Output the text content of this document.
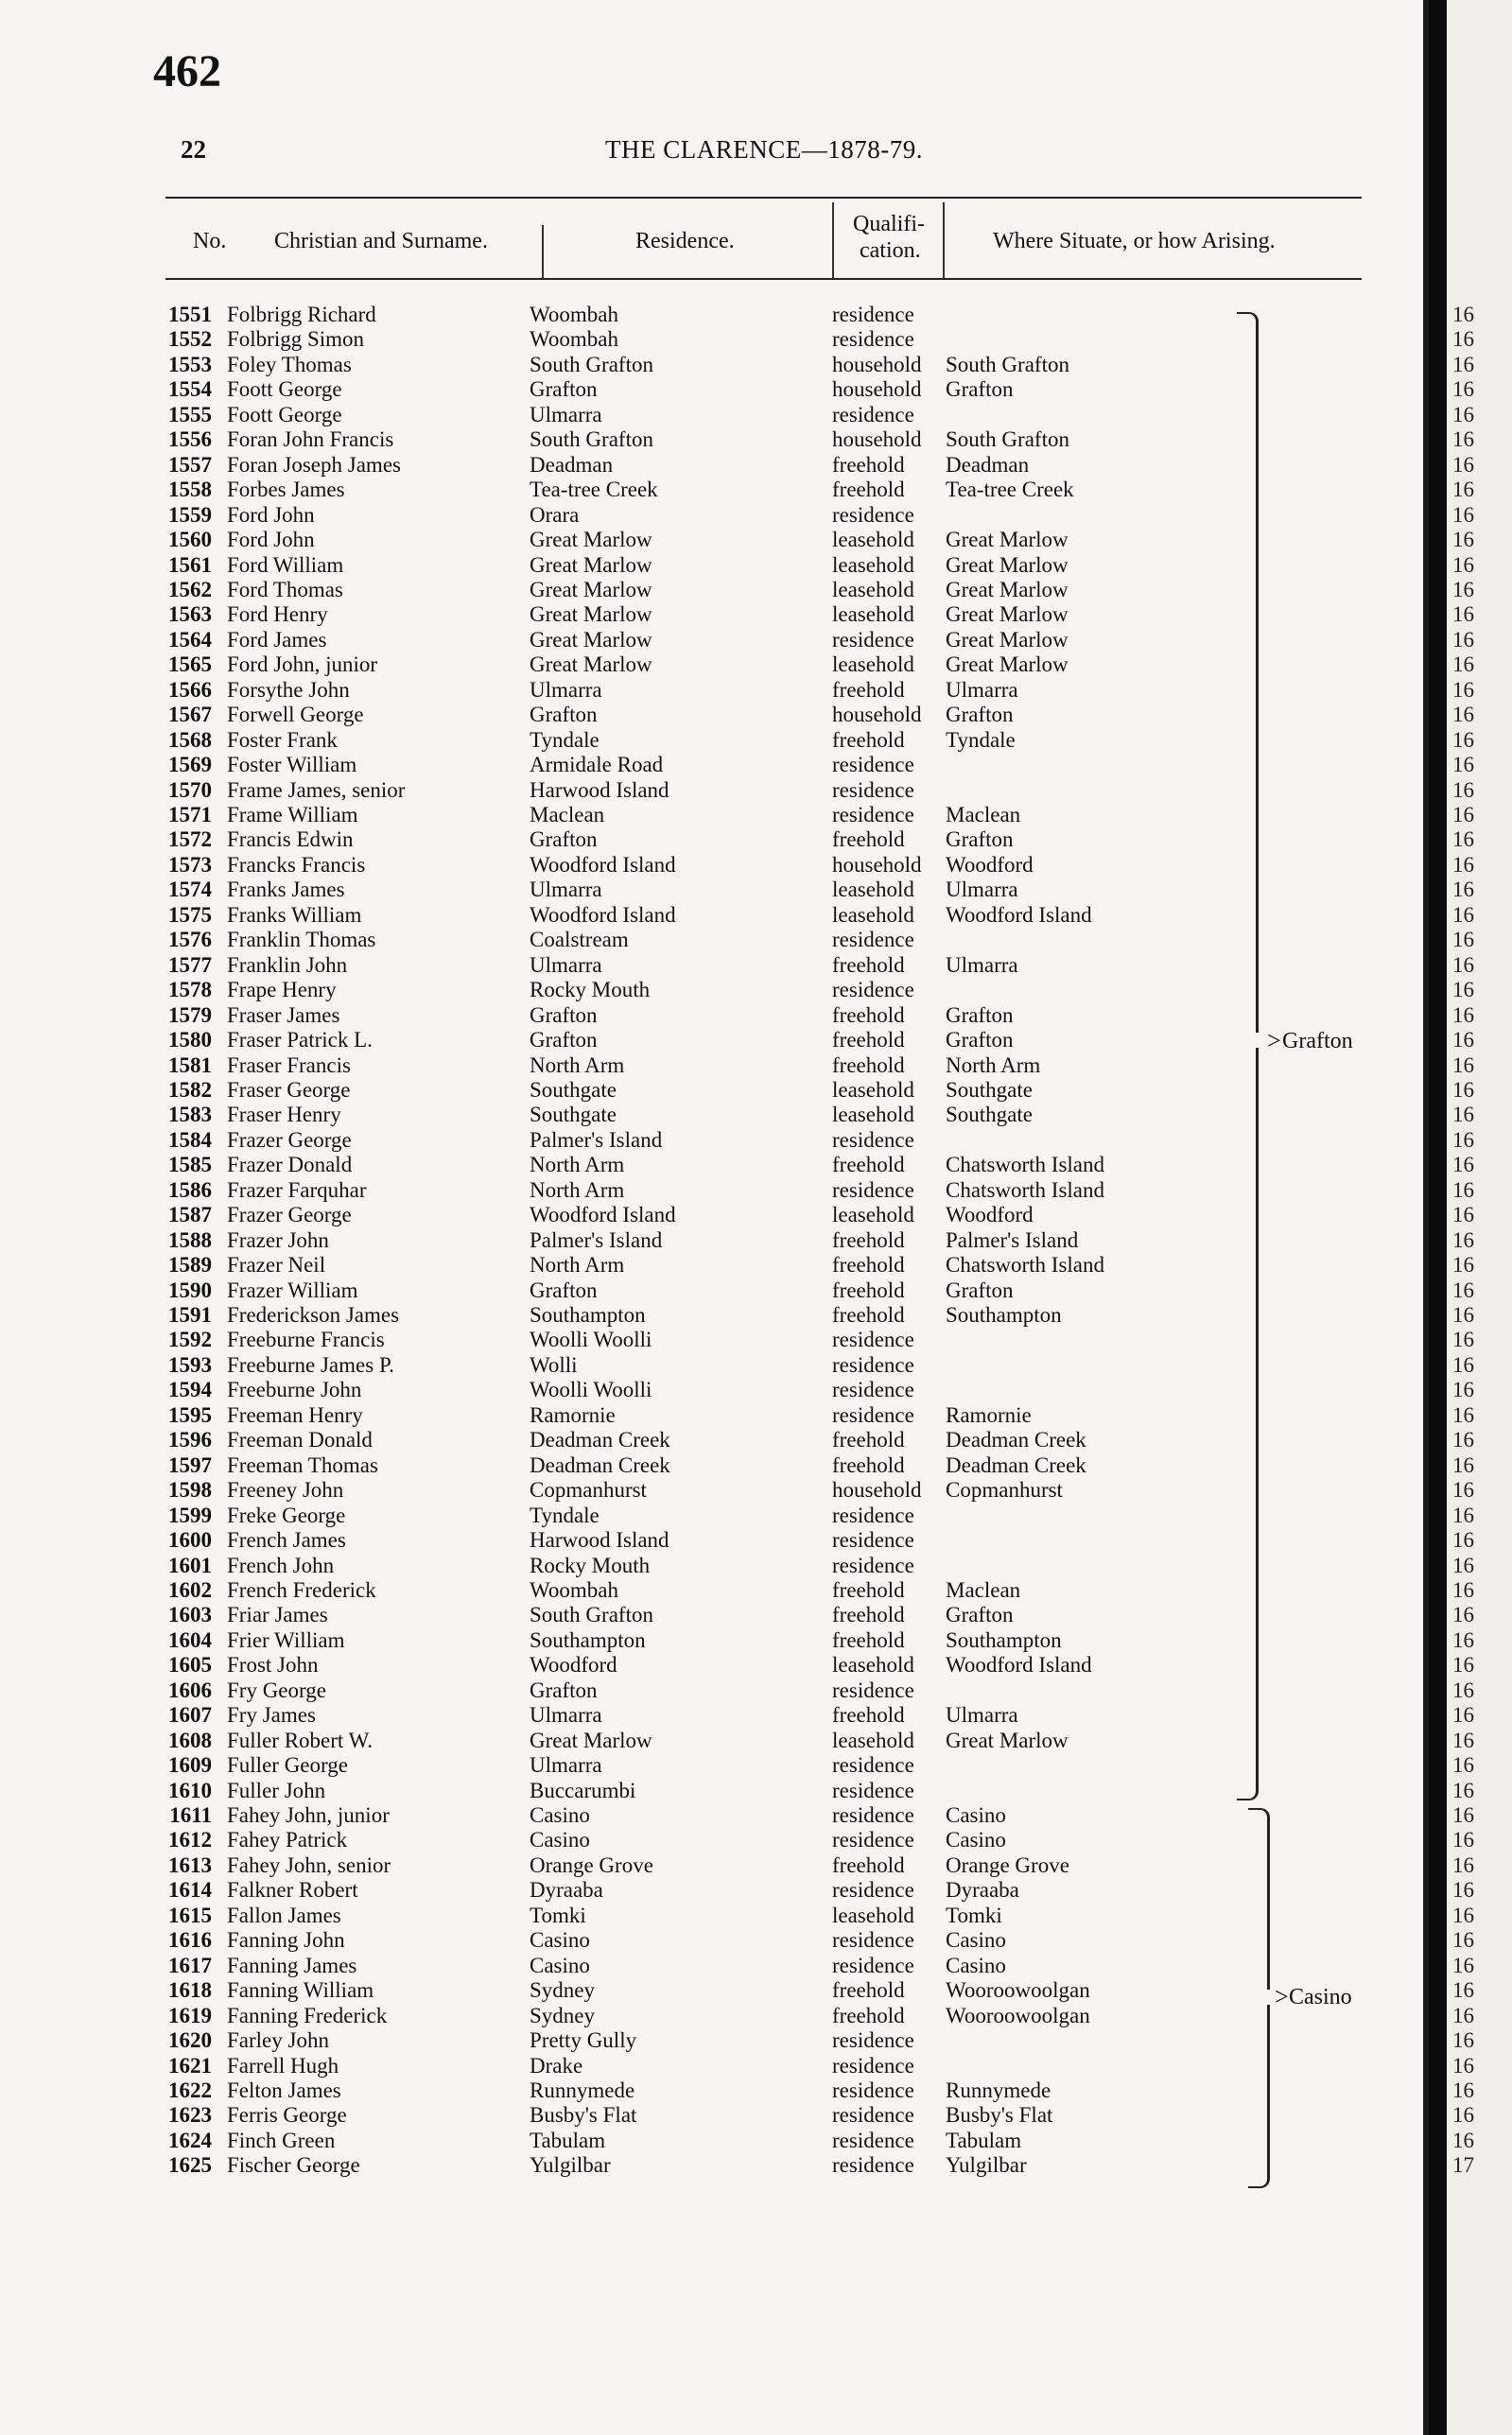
462
22	THE CLARENCE—1878-79.
No. Christian and Surname.	Residence.
Qualifi-
cation.	Where Situate, or how Arising.
1551 Folbrigg Richard	Woombah	residence
1552 Folbrigg Simon	Woombah	residence
1553 Foley Thomas	South Grafton	household South Grafton
1554 Foott George	Grafton	household Grafton
1555 Foott George	Ulmarra	residence
1556 Foran John Francis	South Grafton	household South Grafton
1557 Foran Joseph James	Deadman	freehold Deadman
1558 Forbes James	Tea-tree Creek	freehold Tea-tree Creek
1559 Ford John	Orara	residence
1560 Ford John	Great Marlow	leasehold Great Marlow
1561 Ford William	Great Marlow	leasehold Great Marlow
1562 Ford Thomas	Great Marlow	leasehold Great Marlow
1563 Ford Henry	Great Marlow	leasehold Great Marlow
1564 Ford James	Great Marlow	residence Great Marlow
1565 Ford John, junior	Great Marlow	leasehold Great Marlow
1566 Forsythe John	Ulmarra	freehold Ulmarra
1567 Forwell George	Grafton	household Grafton
1568 Foster Frank	Tyndale	freehold Tyndale
1569 Foster William	Armidale Road	residence
1570 Frame James, senior	Harwood Island	residence
1571 Frame William	Maclean	residence Maclean
1572 Francis Edwin	Grafton	freehold Grafton
1573 Francks Francis	Woodford Island	household Woodford
1574 Franks James	Ulmarra	leasehold Ulmarra
1575 Franks William	Woodford Island	leasehold Woodford Island
1576 Franklin Thomas	Coalstream	residence
1577 Franklin John	Ulmarra	freehold Ulmarra
1578 Frape Henry	Rocky Mouth	residence
1579 Fraser James	Grafton	freehold Grafton
1580 Fraser Patrick L.	Grafton	freehold Grafton
1581 Fraser Francis	North Arm	freehold North Arm
1582 Fraser George	Southgate	leasehold Southgate
1583 Fraser Henry	Southgate	leasehold Southgate
1584 Frazer George	Palmer's Island	residence
1585 Frazer Donald	North Arm	freehold Chatsworth Island
1586 Frazer Farquhar	North Arm	residence Chatsworth Island
1587 Frazer George	Woodford Island	leasehold Woodford
1588 Frazer John	Palmer's Island	freehold Palmer's Island
1589 Frazer Neil	North Arm	freehold Chatsworth Island
1590 Frazer William	Grafton	freehold Grafton
1591 Frederickson James	Southampton	freehold Southampton
1592 Freeburne Francis	Woolli Woolli	residence
1593 Freeburne James P.	Wolli	residence
1594 Freeburne John	Woolli Woolli	residence
1595 Freeman Henry	Ramornie	residence Ramornie
1596 Freeman Donald	Deadman Creek	freehold Deadman Creek
1597 Freeman Thomas	Deadman Creek	freehold Deadman Creek
1598 Freeney John	Copmanhurst	household Copmanhurst
1599 Freke George	Tyndale	residence
1600 French James	Harwood Island	residence
1601 French John	Rocky Mouth	residence
1602 French Frederick	Woombah	freehold Maclean
1603 Friar James	South Grafton	freehold Grafton
1604 Frier William	Southampton	freehold Southampton
1605 Frost John	Woodford	leasehold Woodford Island
1606 Fry George	Grafton	residence
1607 Fry James	Ulmarra	freehold Ulmarra
1608 Fuller Robert W.	Great Marlow	leasehold Great Marlow
1609 Fuller George	Ulmarra	residence
1610 Fuller John	Buccarumbi	residence
1611 Fahey John, junior	Casino	residence Casino
1612 Fahey Patrick	Casino	residence Casino
1613 Fahey John, senior	Orange Grove	freehold Orange Grove
1614 Falkner Robert	Dyraaba	residence Dyraaba
1615 Fallon James	Tomki	leasehold Tomki
1616 Fanning John	Casino	residence Casino
1617 Fanning James	Casino	residence Casino
1618 Fanning William	Sydney	freehold Wooroowoolgan
1619 Fanning Frederick	Sydney	freehold Wooroowoolgan
1620 Farley John	Pretty Gully	residence
1621 Farrell Hugh	Drake	residence
1622 Felton James	Runnymede	residence Runnymede
1623 Ferris George	Busby's Flat	residence Busby's Flat
1624 Finch Green	Tabulam	residence Tabulam
1625 Fischer George	Yulgilbar	residence Yulgilbar
> Grafton
> Casino
16
16
16
16
16
16
16
16
16
16
16
16
16
16
16
16
16
16
16
16
16
16
16
16
16
16
16
16
16
16
16
16
16
16
16
16
16
16
16
16
16
16
16
16
16
16
16
16
16
16
16
16
16
16
16
16
16
16
16
16
16
16
16
16
16
16
16
16
16
16
16
16
16
16
17
